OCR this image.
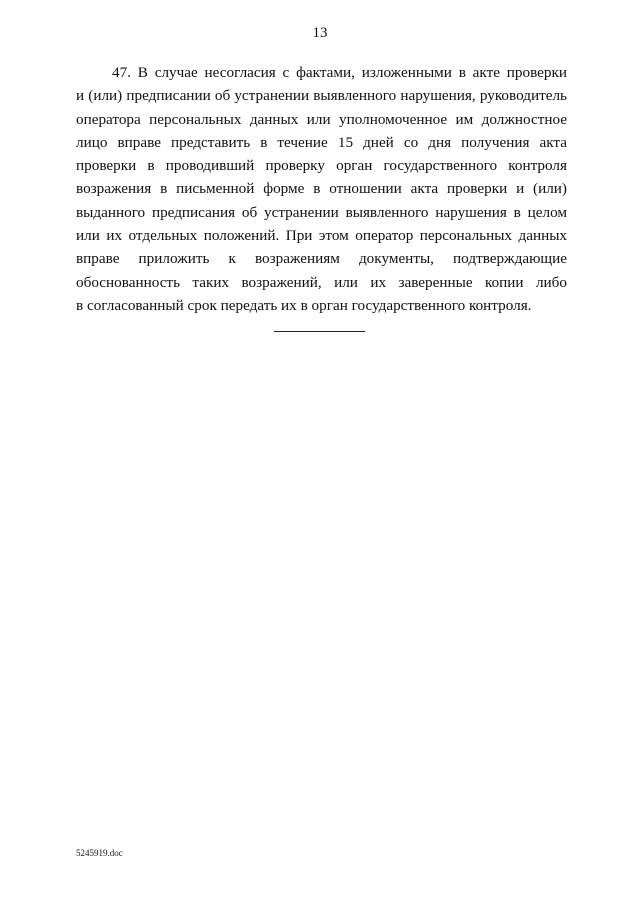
13
47. В случае несогласия с фактами, изложенными в акте проверки
и (или) предписании об устранении выявленного нарушения, руководитель
оператора персональных данных или уполномоченное им должностное
лицо вправе представить в течение 15 дней со дня получения акта
проверки в проводивший проверку орган государственного контроля
возражения в письменной форме в отношении акта проверки и (или)
выданного предписания об устранении выявленного нарушения в целом
или их отдельных положений. При этом оператор персональных данных
вправе приложить к возражениям документы, подтверждающие
обоснованность таких возражений, или их заверенные копии либо
в согласованный срок передать их в орган государственного контроля.
5245919.doc
